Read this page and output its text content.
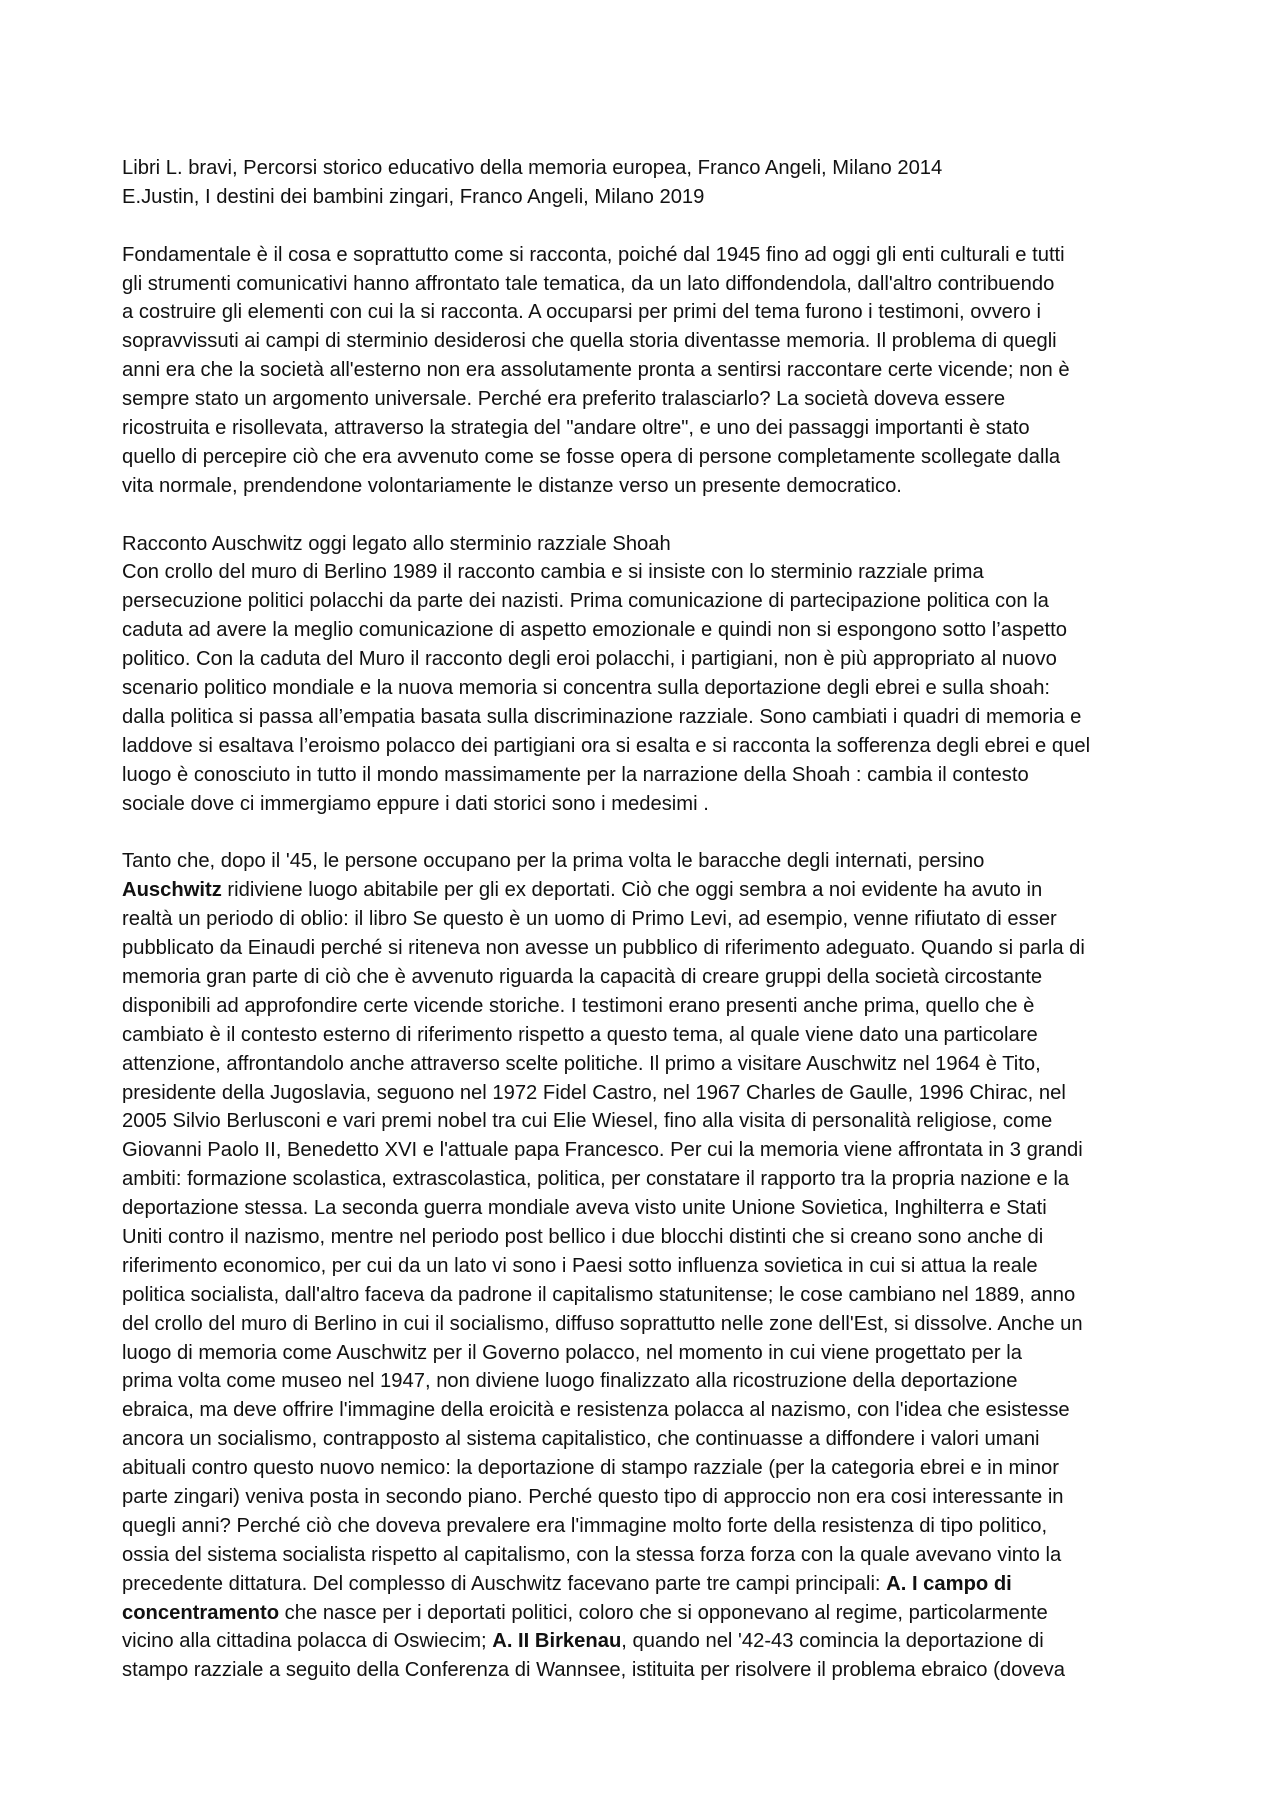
Libri L. bravi, Percorsi storico educativo della memoria europea, Franco Angeli, Milano 2014
E.Justin, I destini dei bambini zingari, Franco Angeli, Milano 2019
Fondamentale è il cosa e soprattutto come si racconta, poiché dal 1945 fino ad oggi gli enti culturali e tutti
gli strumenti comunicativi hanno affrontato tale tematica, da un lato diffondendola, dall'altro contribuendo
a costruire gli elementi con cui la si racconta. A occuparsi per primi del tema furono i testimoni, ovvero i
sopravvissuti ai campi di sterminio desiderosi che quella storia diventasse memoria. Il problema di quegli
anni era che la società all'esterno non era assolutamente pronta a sentirsi raccontare certe vicende; non è
sempre stato un argomento universale. Perché era preferito tralasciarlo? La società doveva essere
ricostruita e risollevata, attraverso la strategia del "andare oltre", e uno dei passaggi importanti è stato
quello di percepire ciò che era avvenuto come se fosse opera di persone completamente scollegate dalla
vita normale, prendendone volontariamente le distanze verso un presente democratico.
Racconto Auschwitz oggi legato allo sterminio razziale Shoah
Con crollo del muro di Berlino 1989 il racconto cambia e si insiste con lo sterminio razziale prima
persecuzione politici polacchi da parte dei nazisti. Prima comunicazione di partecipazione politica con la
caduta ad avere la meglio comunicazione di aspetto emozionale e quindi non si espongono sotto l’aspetto
politico. Con la caduta del Muro il racconto degli eroi polacchi, i partigiani, non è più appropriato al nuovo
scenario politico mondiale e la nuova memoria si concentra sulla deportazione degli ebrei e sulla shoah:
dalla politica si passa all’empatia basata sulla discriminazione razziale. Sono cambiati i quadri di memoria e
laddove si esaltava l’eroismo polacco dei partigiani ora si esalta e si racconta la sofferenza degli ebrei e quel
luogo è conosciuto in tutto il mondo massimamente per la narrazione della Shoah : cambia il contesto
sociale dove ci immergiamo eppure i dati storici sono i medesimi .
Tanto che, dopo il '45, le persone occupano per la prima volta le baracche degli internati, persino
Auschwitz ridiviene luogo abitabile per gli ex deportati. Ciò che oggi sembra a noi evidente ha avuto in
realtà un periodo di oblio: il libro Se questo è un uomo di Primo Levi, ad esempio, venne rifiutato di esser
pubblicato da Einaudi perché si riteneva non avesse un pubblico di riferimento adeguato. Quando si parla di
memoria gran parte di ciò che è avvenuto riguarda la capacità di creare gruppi della società circostante
disponibili ad approfondire certe vicende storiche. I testimoni erano presenti anche prima, quello che è
cambiato è il contesto esterno di riferimento rispetto a questo tema, al quale viene dato una particolare
attenzione, affrontandolo anche attraverso scelte politiche. Il primo a visitare Auschwitz nel 1964 è Tito,
presidente della Jugoslavia, seguono nel 1972 Fidel Castro, nel 1967 Charles de Gaulle, 1996 Chirac, nel
2005 Silvio Berlusconi e vari premi nobel tra cui Elie Wiesel, fino alla visita di personalità religiose, come
Giovanni Paolo II, Benedetto XVI e l'attuale papa Francesco. Per cui la memoria viene affrontata in 3 grandi
ambiti: formazione scolastica, extrascolastica, politica, per constatare il rapporto tra la propria nazione e la
deportazione stessa. La seconda guerra mondiale aveva visto unite Unione Sovietica, Inghilterra e Stati
Uniti contro il nazismo, mentre nel periodo post bellico i due blocchi distinti che si creano sono anche di
riferimento economico, per cui da un lato vi sono i Paesi sotto influenza sovietica in cui si attua la reale
politica socialista, dall'altro faceva da padrone il capitalismo statunitense; le cose cambiano nel 1889, anno
del crollo del muro di Berlino in cui il socialismo, diffuso soprattutto nelle zone dell'Est, si dissolve. Anche un
luogo di memoria come Auschwitz per il Governo polacco, nel momento in cui viene progettato per la
prima volta come museo nel 1947, non diviene luogo finalizzato alla ricostruzione della deportazione
ebraica, ma deve offrire l'immagine della eroicità e resistenza polacca al nazismo, con l'idea che esistesse
ancora un socialismo, contrapposto al sistema capitalistico, che continuasse a diffondere i valori umani
abituali contro questo nuovo nemico: la deportazione di stampo razziale (per la categoria ebrei e in minor
parte zingari) veniva posta in secondo piano. Perché questo tipo di approccio non era cosi interessante in
quegli anni? Perché ciò che doveva prevalere era l'immagine molto forte della resistenza di tipo politico,
ossia del sistema socialista rispetto al capitalismo, con la stessa forza forza con la quale avevano vinto la
precedente dittatura. Del complesso di Auschwitz facevano parte tre campi principali: A. I campo di
concentramento che nasce per i deportati politici, coloro che si opponevano al regime, particolarmente
vicino alla cittadina polacca di Oswiecim; A. II Birkenau, quando nel '42-43 comincia la deportazione di
stampo razziale a seguito della Conferenza di Wannsee, istituita per risolvere il problema ebraico (doveva
